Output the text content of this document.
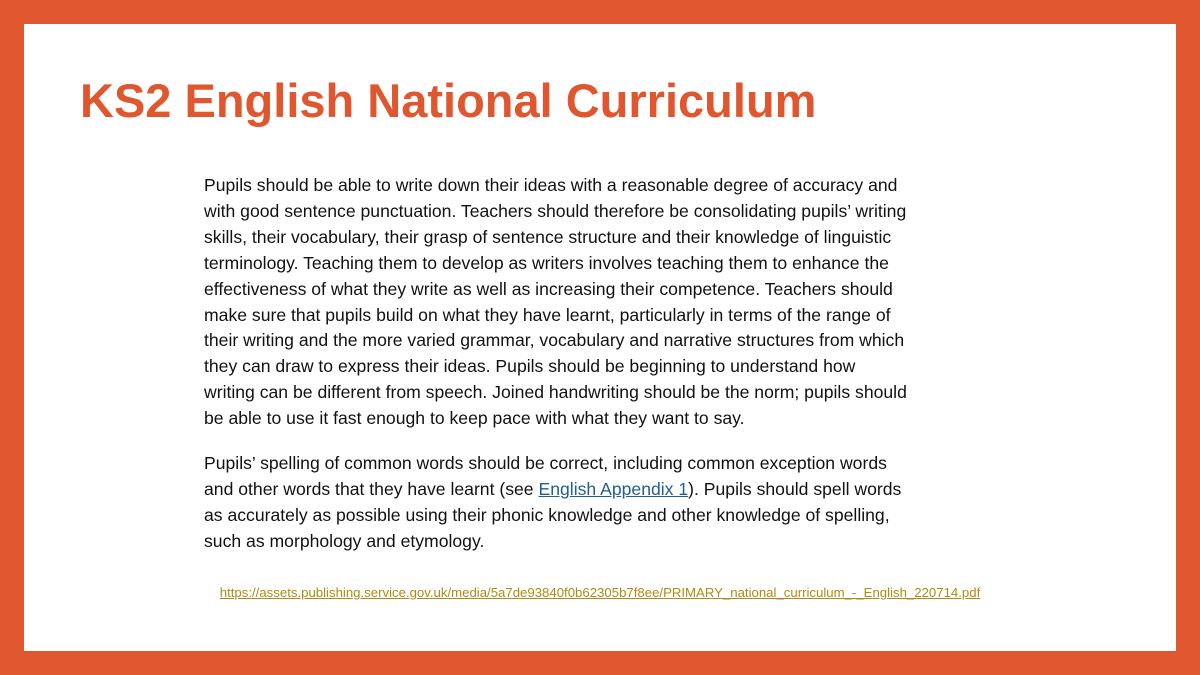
KS2 English National Curriculum

Pupils should be able to write down their ideas with a reasonable degree of accuracy and
with good sentence punctuation. Teachers should therefore be consolidating pupils’ writing
skills, their vocabulary, their grasp of sentence structure and their knowledge of linguistic
terminology. Teaching them to develop as writers involves teaching them to enhance the
effectiveness of what they write as well as increasing their competence. Teachers should
make sure that pupils build on what they have learnt, particularly in terms of the range of
their writing and the more varied grammar, vocabulary and narrative structures from which
they can draw to express their ideas. Pupils should be beginning to understand how
writing can be different from speech. Joined handwriting should be the norm; pupils should
be able to use it fast enough to keep pace with what they want to say.

Pupils’ spelling of common words should be correct, including common exception words
and other words that they have learnt (see English Appendix 1). Pupils should spell words
as accurately as possible using their phonic knowledge and other knowledge of spelling,
such as morphology and etymology.

https://assets.publishing.service.gov.uk/media/5a7de93840f0b62305b7f8ee/PRIMARY_national_curriculum_-_English_220714.pdf
